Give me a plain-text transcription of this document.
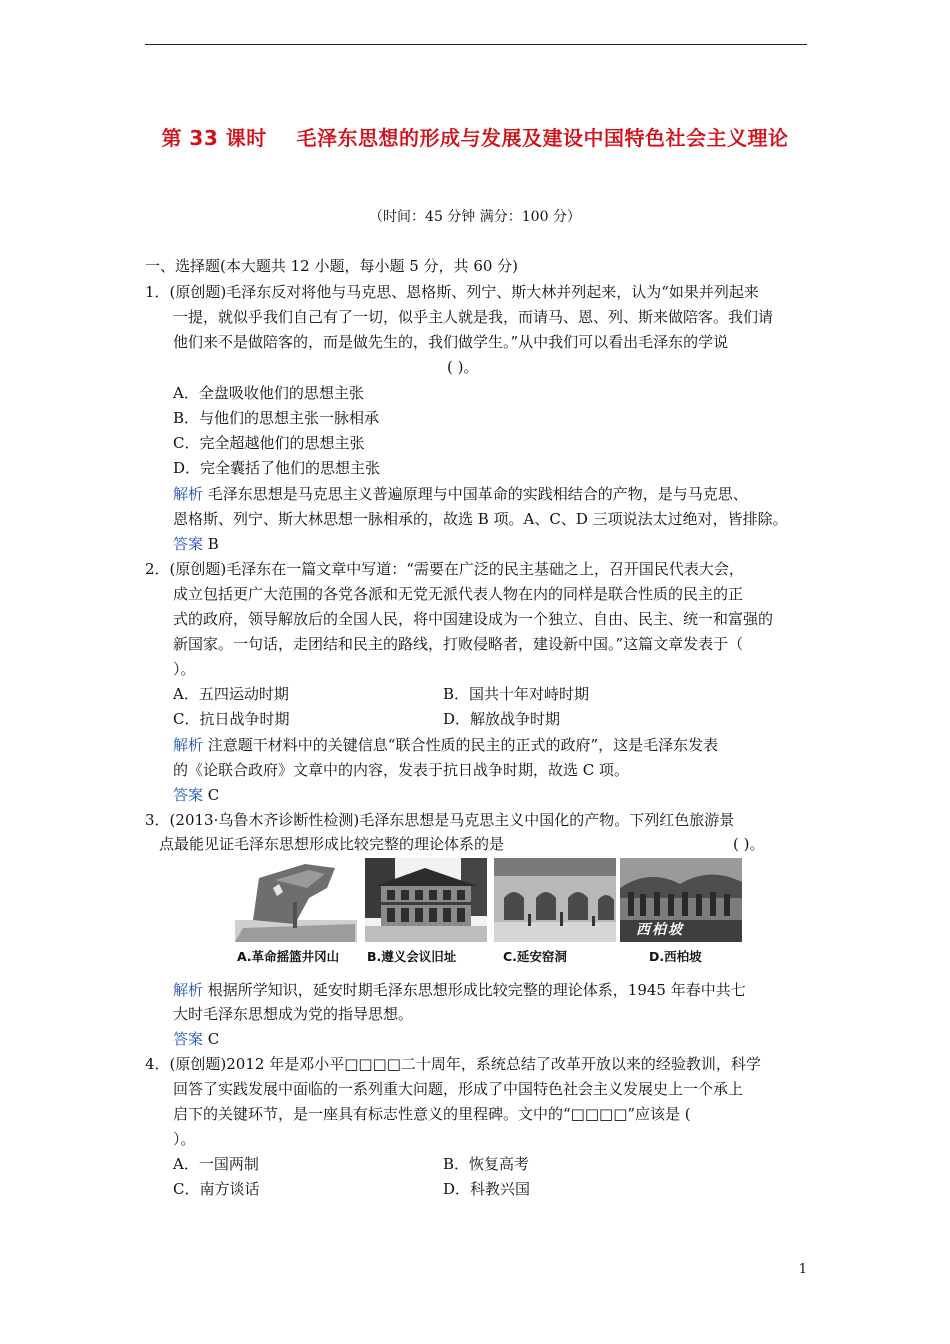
第 33 课时    毛泽东思想的形成与发展及建设中国特色社会主义理论
（时间：45 分钟 满分：100 分）
一、选择题(本大题共 12 小题，每小题 5 分，共 60 分)
1．(原创题)毛泽东反对将他与马克思、恩格斯、列宁、斯大林并列起来，认为“如果并列起来
一提，就似乎我们自己有了一切，似乎主人就是我，而请马、恩、列、斯来做陪客。我们请
他们来不是做陪客的，而是做先生的，我们做学生。”从中我们可以看出毛泽东的学说
( )。
A．全盘吸收他们的思想主张
B．与他们的思想主张一脉相承
C．完全超越他们的思想主张
D．完全囊括了他们的思想主张
解析 毛泽东思想是马克思主义普遍原理与中国革命的实践相结合的产物，是与马克思、
恩格斯、列宁、斯大林思想一脉相承的，故选 B 项。A、C、D 三项说法太过绝对，皆排除。
答案 B
2．(原创题)毛泽东在一篇文章中写道：“需要在广泛的民主基础之上，召开国民代表大会，
成立包括更广大范围的各党各派和无党无派代表人物在内的同样是联合性质的民主的正
式的政府，领导解放后的全国人民，将中国建设成为一个独立、自由、民主、统一和富强的
新国家。一句话，走团结和民主的路线，打败侵略者，建设新中国。”这篇文章发表于（
）。
A．五四运动时期	B．国共十年对峙时期
C．抗日战争时期	D．解放战争时期
解析 注意题干材料中的关键信息“联合性质的民主的正式的政府”，这是毛泽东发表
的《论联合政府》文章中的内容，发表于抗日战争时期，故选 C 项。
答案 C
3．(2013·乌鲁木齐诊断性检测)毛泽东思想是马克思主义中国化的产物。下列红色旅游景
点最能见证毛泽东思想形成比较完整的理论体系的是	( )。
A.革命摇篮井冈山 B.遵义会议旧址	C.延安窑洞
西柏坡
D.西柏坡
解析 根据所学知识，延安时期毛泽东思想形成比较完整的理论体系，1945 年春中共七
大时毛泽东思想成为党的指导思想。
答案 C
4．(原创题)2012 年是邓小平□□□□二十周年，系统总结了改革开放以来的经验教训，科学
回答了实践发展中面临的一系列重大问题，形成了中国特色社会主义发展史上一个承上
启下的关键环节，是一座具有标志性意义的里程碑。文中的“□□□□”应该是 (
）。
A．一国两制	B．恢复高考
C．南方谈话	D．科教兴国
1
